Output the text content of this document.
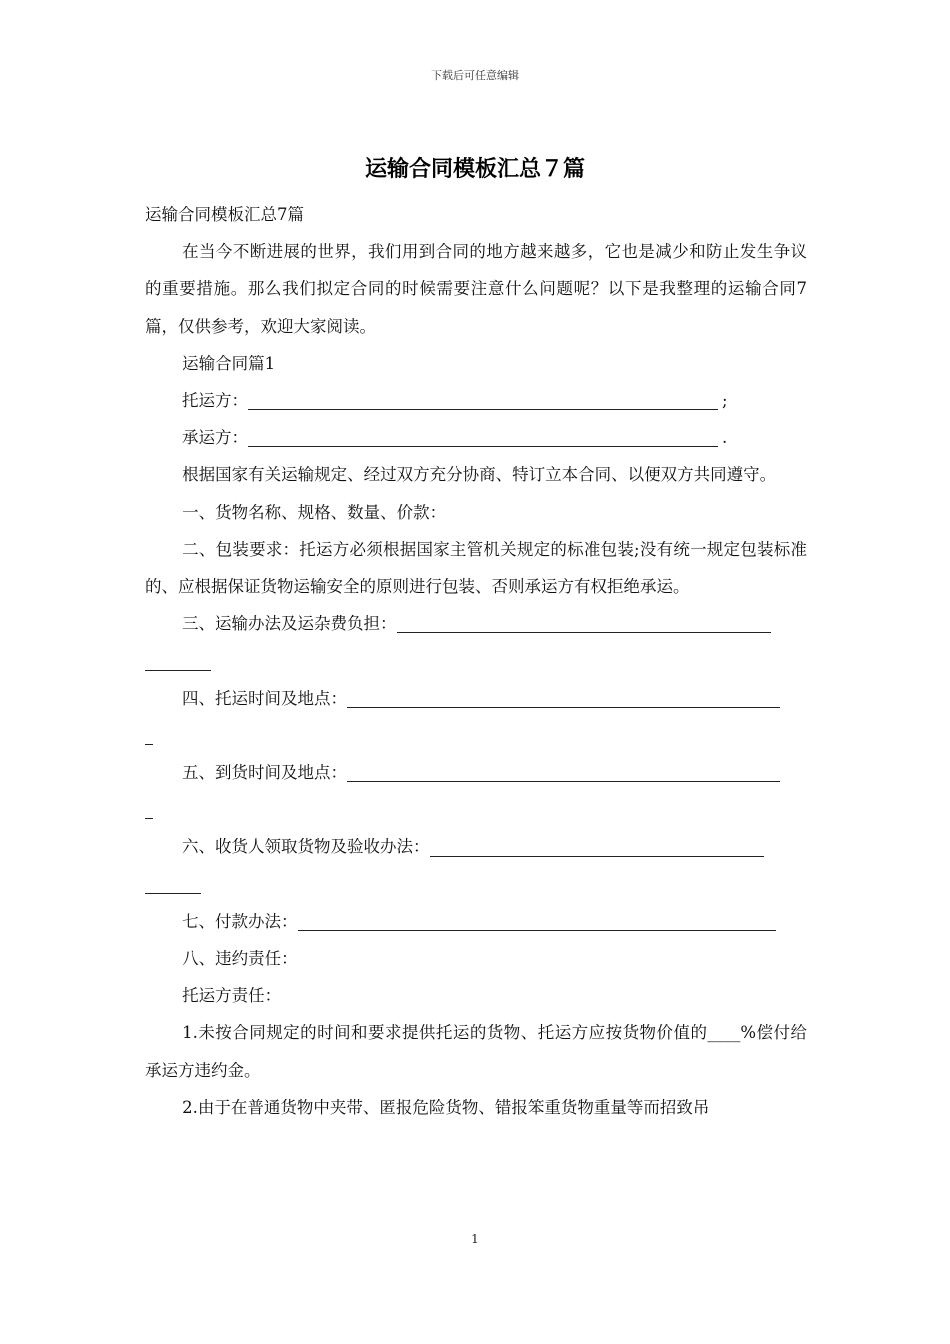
下载后可任意编辑
运输合同模板汇总７篇

运输合同模板汇总7篇

在当今不断进展的世界，我们用到合同的地方越来越多，它也是减少和防止发生争议的重要措施。那么我们拟定合同的时候需要注意什么问题呢？以下是我整理的运输合同7篇，仅供参考，欢迎大家阅读。

运输合同篇1

托运方：	;
承运方：	.

根据国家有关运输规定、经过双方充分协商、特订立本合同、以便双方共同遵守。

一、货物名称、规格、数量、价款：

二、包装要求：托运方必须根据国家主管机关规定的标准包装;没有统一规定包装标准的、应根据保证货物运输安全的原则进行包装、否则承运方有权拒绝承运。

三、运输办法及运杂费负担：
四、托运时间及地点：
五、到货时间及地点：
六、收货人领取货物及验收办法：
七、付款办法：

八、违约责任：

托运方责任：

1.未按合同规定的时间和要求提供托运的货物、托运方应按货物价值的____%偿付给承运方违约金。

2.由于在普通货物中夹带、匿报危险货物、错报笨重货物重量等而招致吊

1
